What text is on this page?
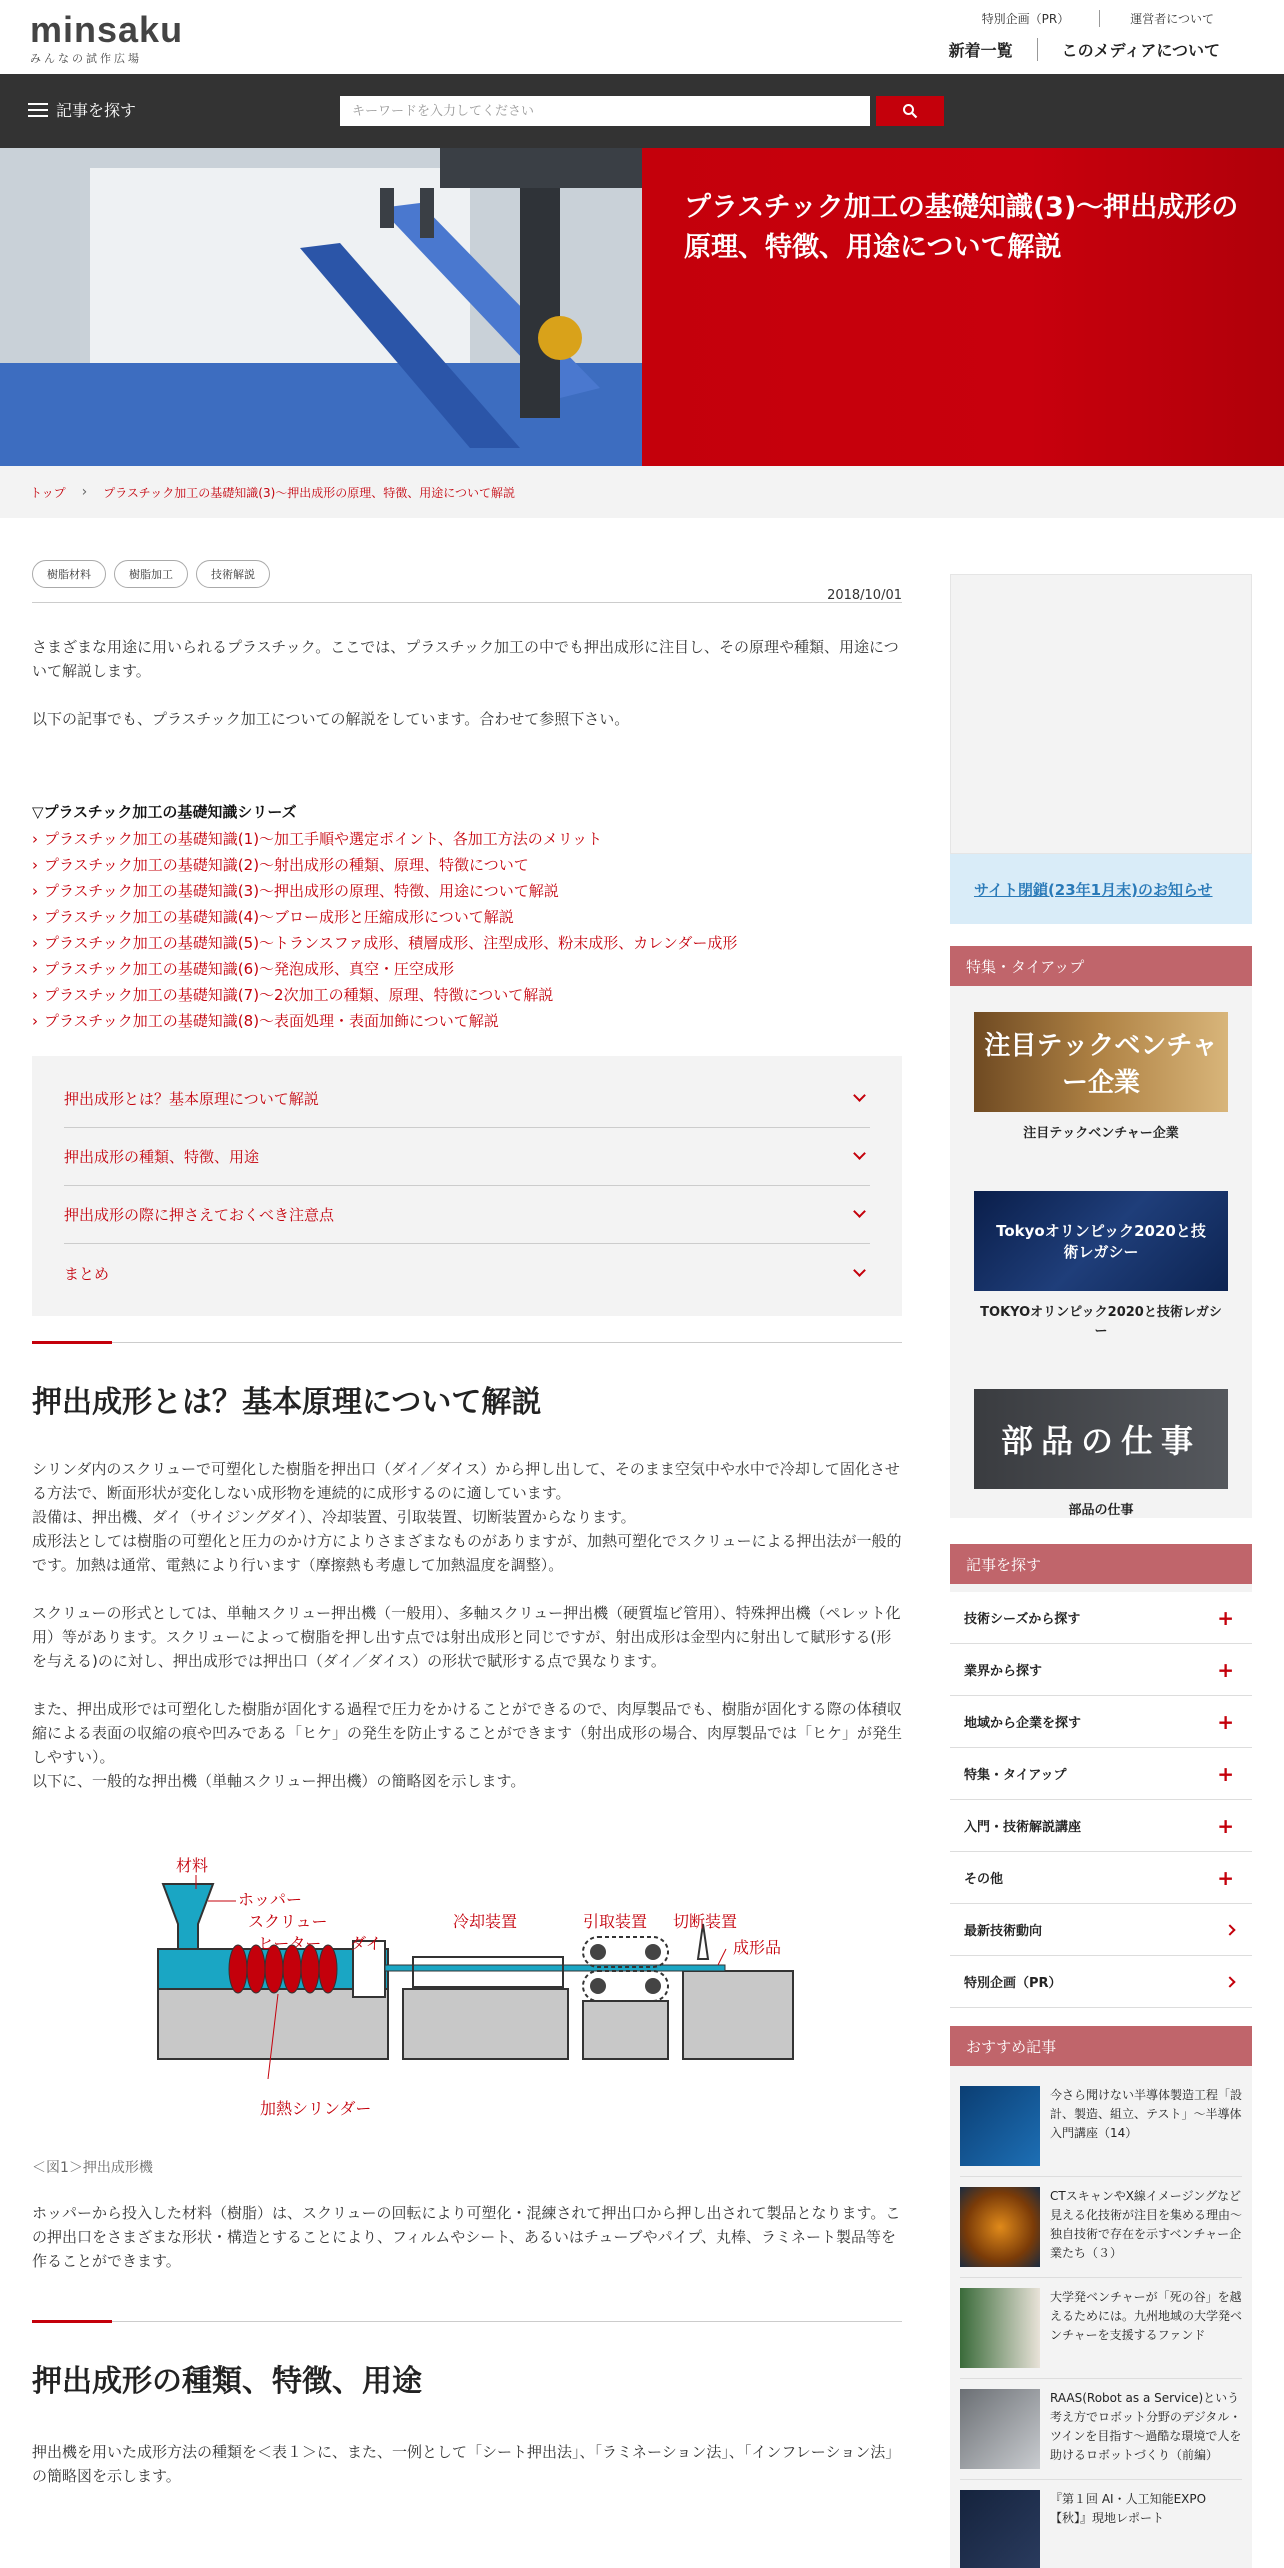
minsaku
みんなの試作広場
特別企画（PR）	運営者について
新着一覧	このメディアについて
記事を探す
キーワードを入力してください
プラスチック加工の基礎知識(3)～押出成形の原理、特徴、用途について解説
トップ › プラスチック加工の基礎知識(3)～押出成形の原理、特徴、用途について解説
樹脂材料	樹脂加工	技術解説
2018/10/01

さまざまな用途に用いられるプラスチック。ここでは、プラスチック加工の中でも押出成形に注目し、その原理や種類、用途について解説します。

以下の記事でも、プラスチック加工についての解説をしています。合わせて参照下さい。

▽プラスチック加工の基礎知識シリーズ
› プラスチック加工の基礎知識(1)～加工手順や選定ポイント、各加工方法のメリット
› プラスチック加工の基礎知識(2)～射出成形の種類、原理、特徴について
› プラスチック加工の基礎知識(3)～押出成形の原理、特徴、用途について解説
› プラスチック加工の基礎知識(4)～ブロー成形と圧縮成形について解説
› プラスチック加工の基礎知識(5)～トランスファ成形、積層成形、注型成形、粉末成形、カレンダー成形
› プラスチック加工の基礎知識(6)～発泡成形、真空・圧空成形
› プラスチック加工の基礎知識(7)～2次加工の種類、原理、特徴について解説
› プラスチック加工の基礎知識(8)〜表面処理・表面加飾について解説
押出成形とは？基本原理について解説
押出成形の種類、特徴、用途
押出成形の際に押さえておくべき注意点
まとめ
押出成形とは？基本原理について解説

シリンダ内のスクリューで可塑化した樹脂を押出口（ダイ／ダイス）から押し出して、そのまま空気中や水中で冷却して固化させる方法で、断面形状が変化しない成形物を連続的に成形するのに適しています。

設備は、押出機、ダイ（サイジングダイ）、冷却装置、引取装置、切断装置からなります。

成形法としては樹脂の可塑化と圧力のかけ方によりさまざまなものがありますが、加熱可塑化でスクリューによる押出法が一般的です。加熱は通常、電熱により行います（摩擦熱も考慮して加熱温度を調整）。

スクリューの形式としては、単軸スクリュー押出機（一般用）、多軸スクリュー押出機（硬質塩ビ管用）、特殊押出機（ペレット化用）等があります。スクリューによって樹脂を押し出す点では射出成形と同じですが、射出成形は金型内に射出して賦形する(形を与える)のに対し、押出成形では押出口（ダイ／ダイス）の形状で賦形する点で異なります。

また、押出成形では可塑化した樹脂が固化する過程で圧力をかけることができるので、肉厚製品でも、樹脂が固化する際の体積収縮による表面の収縮の痕や凹みである「ヒケ」の発生を防止することができます（射出成形の場合、肉厚製品では「ヒケ」が発生しやすい）。

以下に、一般的な押出機（単軸スクリュー押出機）の簡略図を示します。

材料
ホッパー
スクリュー
ヒーター ダイ
冷却装置	引取装置 切断装置
成形品
加熱シリンダー

＜図1＞押出成形機

ホッパーから投入した材料（樹脂）は、スクリューの回転により可塑化・混練されて押出口から押し出されて製品となります。この押出口をさまざまな形状・構造とすることにより、フィルムやシート、あるいはチューブやパイプ、丸棒、ラミネート製品等を作ることができます。

押出成形の種類、特徴、用途

押出機を用いた成形方法の種類を＜表１＞に、また、一例として「シート押出法」、「ラミネーション法」、「インフレーション法」の簡略図を示します。

サイト閉鎖(23年1月末)のお知らせ
特集・タイアップ
注目テックベンチャー企業
注目テックベンチャー企業
Tokyoオリンピック2020と技術レガシー
TOKYOオリンピック2020と技術レガシー
部品の仕事
部品の仕事
記事を探す
技術シーズから探す	+
業界から探す	+
地域から企業を探す	+
特集・タイアップ	+
入門・技術解説講座	+
その他	+
最新技術動向
特別企画（PR）
おすすめ記事
今さら聞けない半導体製造工程「設計、製造、組立、テスト」〜半導体入門講座（14）
CTスキャンやX線イメージングなど見える化技術が注目を集める理由〜独自技術で存在を示すベンチャー企業たち（３）
大学発ベンチャーが「死の谷」を越えるためには。九州地域の大学発ベンチャーを支援するファンド
RAAS(Robot as a Service)という考え方でロボット分野のデジタル・ツインを目指す〜過酷な環境で人を助けるロボットづくり（前編）
『第１回 AI・人工知能EXPO【秋】』現地レポート
